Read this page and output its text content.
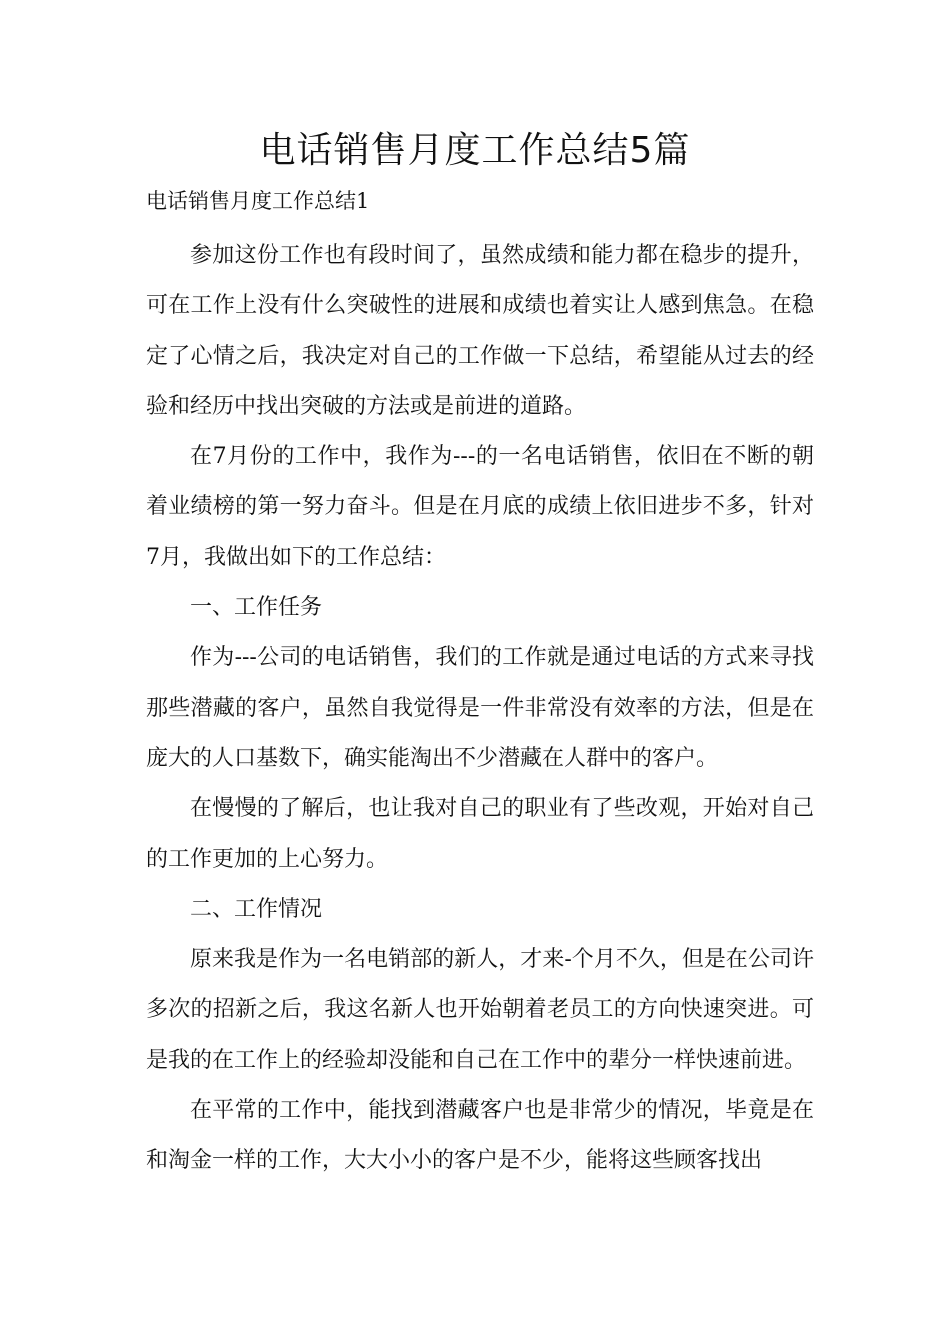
电话销售月度工作总结5篇
电话销售月度工作总结1

参加这份工作也有段时间了，虽然成绩和能力都在稳步的提升，可在工作上没有什么突破性的进展和成绩也着实让人感到焦急。在稳定了心情之后，我决定对自己的工作做一下总结，希望能从过去的经验和经历中找出突破的方法或是前进的道路。

在7月份的工作中，我作为---的一名电话销售，依旧在不断的朝着业绩榜的第一努力奋斗。但是在月底的成绩上依旧进步不多，针对7月，我做出如下的工作总结：

一、工作任务

作为---公司的电话销售，我们的工作就是通过电话的方式来寻找那些潜藏的客户，虽然自我觉得是一件非常没有效率的方法，但是在庞大的人口基数下，确实能淘出不少潜藏在人群中的客户。

在慢慢的了解后，也让我对自己的职业有了些改观，开始对自己的工作更加的上心努力。

二、工作情况

原来我是作为一名电销部的新人，才来-个月不久，但是在公司许多次的招新之后，我这名新人也开始朝着老员工的方向快速突进。可是我的在工作上的经验却没能和自己在工作中的辈分一样快速前进。

在平常的工作中，能找到潜藏客户也是非常少的情况，毕竟是在和淘金一样的工作，大大小小的客户是不少，能将这些顾客找出
